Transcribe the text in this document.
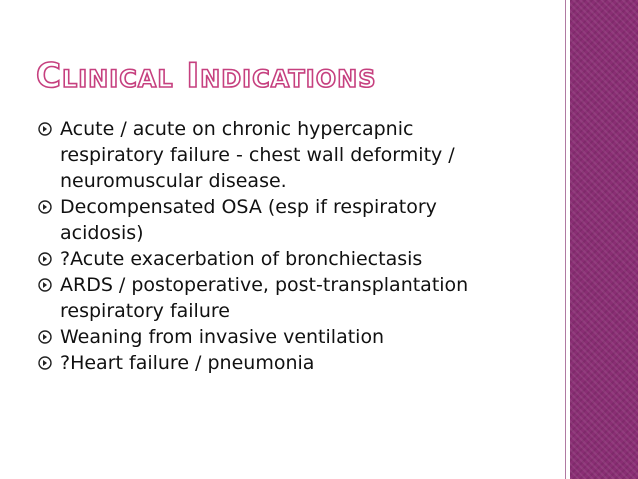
Clinical Indications
Acute / acute on chronic hypercapnic respiratory failure - chest wall deformity / neuromuscular disease.
Decompensated OSA (esp if respiratory acidosis)
?Acute exacerbation of bronchiectasis
ARDS / postoperative, post-transplantation respiratory failure
Weaning from invasive ventilation
?Heart failure / pneumonia
